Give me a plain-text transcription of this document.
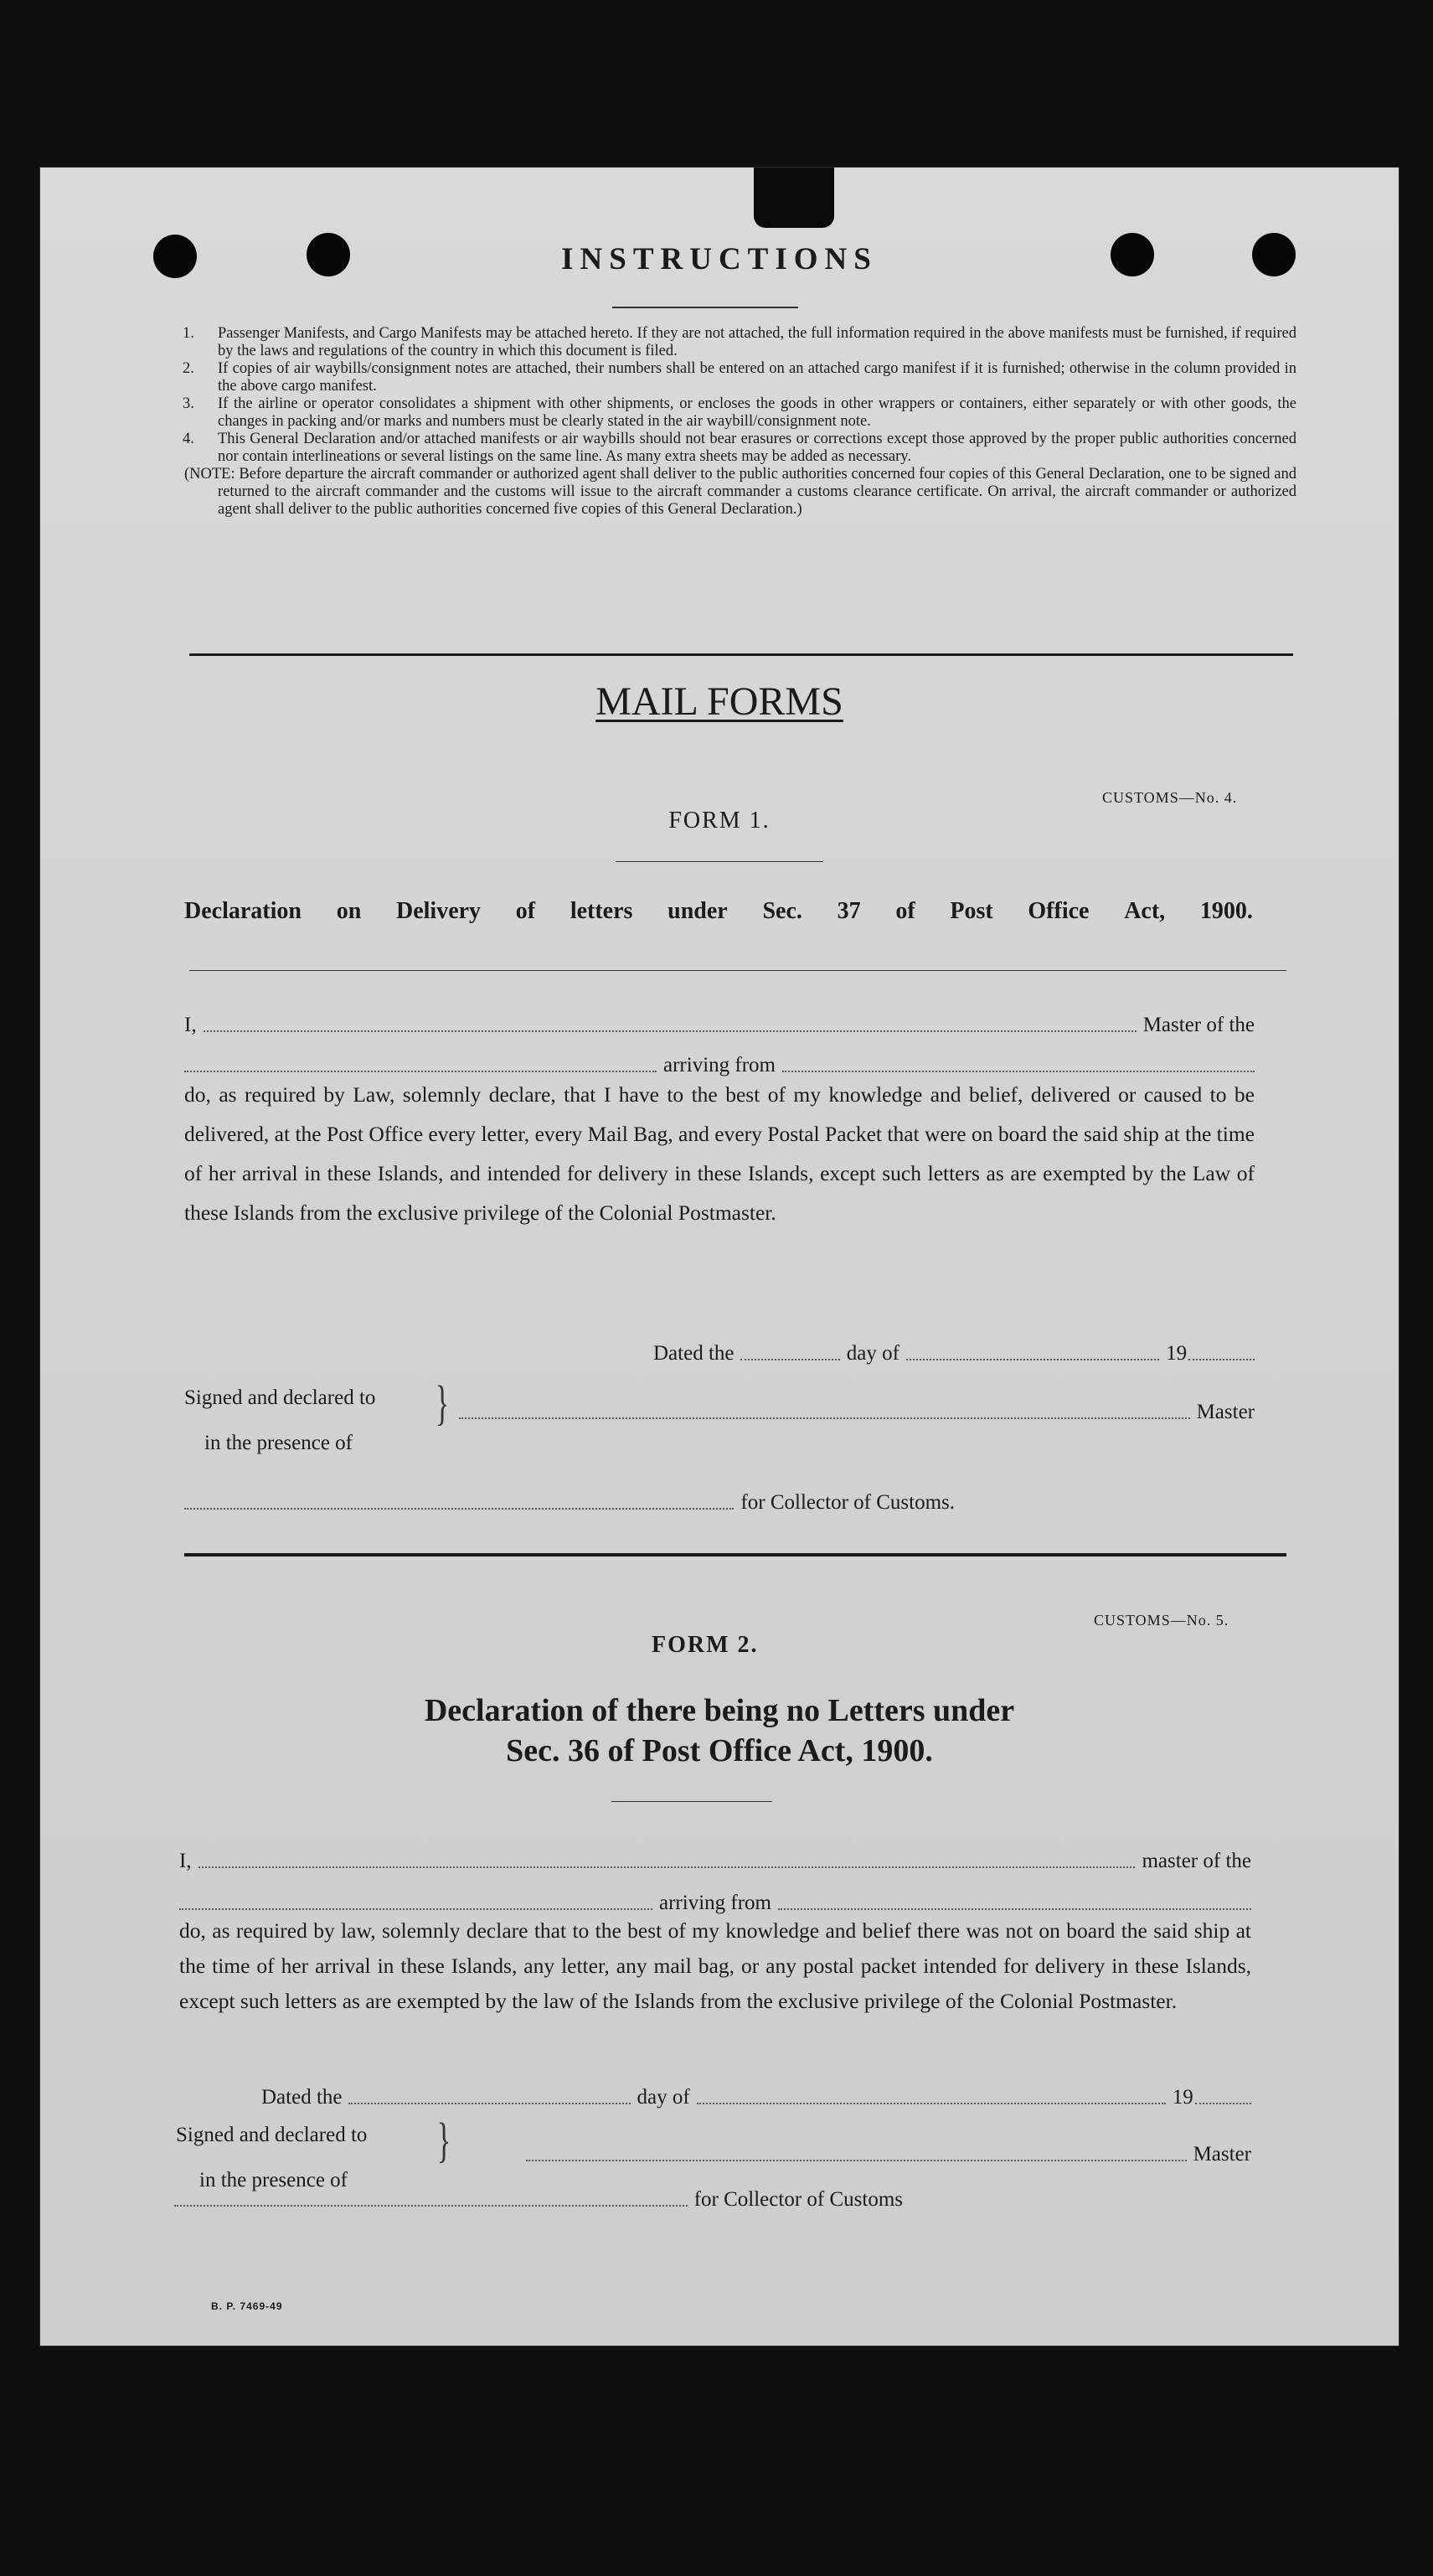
INSTRUCTIONS
1. Passenger Manifests, and Cargo Manifests may be attached hereto. If they are not attached, the full information required in the above manifests must be furnished, if required by the laws and regulations of the country in which this document is filed.
2. If copies of air waybills/consignment notes are attached, their numbers shall be entered on an attached cargo manifest if it is furnished; otherwise in the column provided in the above cargo manifest.
3. If the airline or operator consolidates a shipment with other shipments, or encloses the goods in other wrappers or containers, either separately or with other goods, the changes in packing and/or marks and numbers must be clearly stated in the air waybill/consignment note.
4. This General Declaration and/or attached manifests or air waybills should not bear erasures or corrections except those approved by the proper public authorities concerned nor contain interlineations or several listings on the same line. As many extra sheets may be added as necessary.
(NOTE: Before departure the aircraft commander or authorized agent shall deliver to the public authorities concerned four copies of this General Declaration, one to be signed and returned to the aircraft commander and the customs will issue to the aircraft commander a customs clearance certificate. On arrival, the aircraft commander or authorized agent shall deliver to the public authorities concerned five copies of this General Declaration.)
MAIL FORMS
CUSTOMS—No. 4.
FORM 1.
Declaration on Delivery of letters under Sec. 37 of Post Office Act, 1900.
I,	Master of the
arriving from
do, as required by Law, solemnly declare, that I have to the best of my knowledge and belief, delivered or caused to be delivered, at the Post Office every letter, every Mail Bag, and every Postal Packet that were on board the said ship at the time of her arrival in these Islands, and intended for delivery in these Islands, except such letters as are exempted by the Law of these Islands from the exclusive privilege of the Colonial Postmaster.
Dated the	day of	19
Signed and declared to
in the presence of
}	Master
for Collector of Customs.
CUSTOMS—No. 5.
FORM 2.
Declaration of there being no Letters under
Sec. 36 of Post Office Act, 1900.
I,	master of the
arriving from
do, as required by law, solemnly declare that to the best of my knowledge and belief there was not on board the said ship at the time of her arrival in these Islands, any letter, any mail bag, or any postal packet intended for delivery in these Islands, except such letters as are exempted by the law of the Islands from the exclusive privilege of the Colonial Postmaster.
Dated the	day of	19
Signed and declared to
in the presence of
}	Master
for Collector of Customs
B. P. 7469-49
